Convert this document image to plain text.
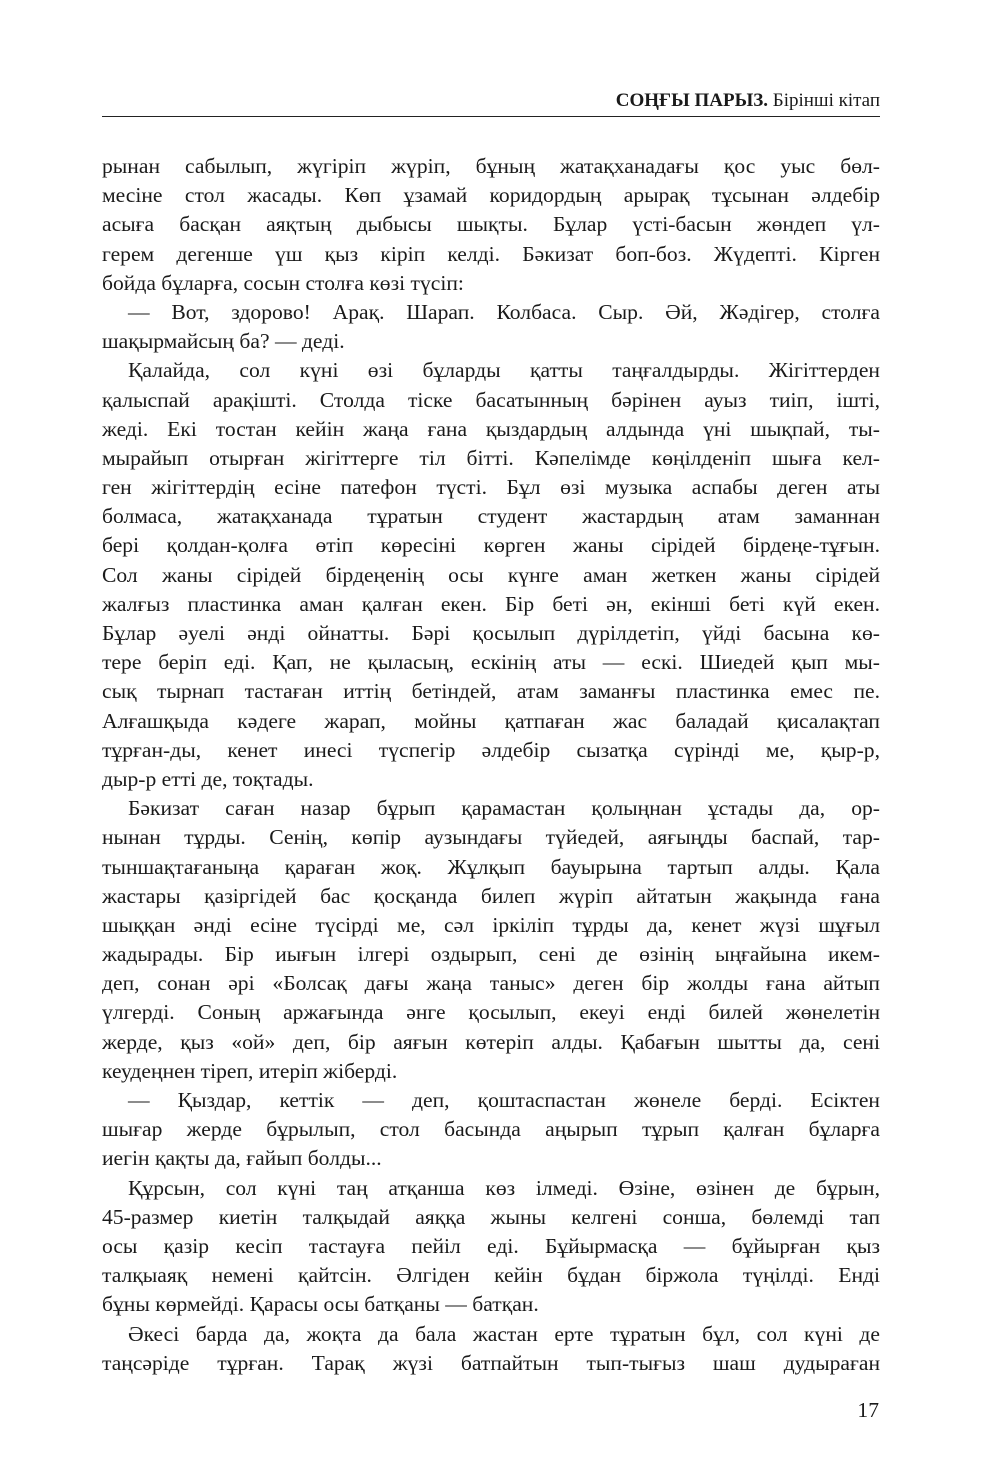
СОҢҒЫ ПАРЫЗ. Бірінші кітап
рынан сабылып, жүгіріп жүріп, бұның жатақханадағы қос уыс бөл-
месіне стол жасады. Көп ұзамай коридордың арырақ тұсынан әлдебір
асыға басқан аяқтың дыбысы шықты. Бұлар үсті-басын жөндеп үл-
герем дегенше үш қыз кіріп келді. Бәкизат боп-боз. Жүдепті. Кірген
бойда бұларға, сосын столға көзі түсіп:
— Вот, здорово! Арақ. Шарап. Колбаса. Сыр. Әй, Жәдігер, столға
шақырмайсың ба? — деді.
Қалайда, сол күні өзі бұларды қатты таңғалдырды. Жігіттерден
қалыспай арақішті. Столда тіске басатынның бәрінен ауыз тиіп, ішті,
жеді. Екі тостан кейін жаңа ғана қыздардың алдында үні шықпай, ты-
мырайып отырған жігіттерге тіл бітті. Кәпелімде көңілденіп шыға кел-
ген жігіттердің есіне патефон түсті. Бұл өзі музыка аспабы деген аты
болмаса, жатақханада тұратын студент жастардың атам заманнан
бері қолдан-қолға өтіп көресіні көрген жаны сірідей бірдеңе-тұғын.
Сол жаны сірідей бірдеңенің осы күнге аман жеткен жаны сірідей
жалғыз пластинка аман қалған екен. Бір беті ән, екінші беті күй екен.
Бұлар әуелі әнді ойнатты. Бәрі қосылып дүрілдетіп, үйді басына кө-
тере беріп еді. Қап, не қыласың, ескінің аты — ескі. Шиедей қып мы-
сық тырнап тастаған иттің бетіндей, атам заманғы пластинка емес пе.
Алғашқыда кәдеге жарап, мойны қатпаған жас баладай қисалақтап
тұрған-ды, кенет инесі түспегір әлдебір сызатқа сүрінді ме, қыр-р,
дыр-р етті де, тоқтады.
Бәкизат саған назар бұрып қарамастан қолыңнан ұстады да, ор-
нынан тұрды. Сенің, көпір аузындағы түйедей, аяғыңды баспай, тар-
тыншақтағаныңа қараған жоқ. Жұлқып бауырына тартып алды. Қала
жастары қазіргідей бас қосқанда билеп жүріп айтатын жақында ғана
шыққан әнді есіне түсірді ме, сәл іркіліп тұрды да, кенет жүзі шұғыл
жадырады. Бір иығын ілгері оздырып, сені де өзінің ыңғайына икем-
деп, сонан әрі «Болсақ дағы жаңа таныс» деген бір жолды ғана айтып
үлгерді. Соның аржағында әнге қосылып, екеуі енді билей жөнелетін
жерде, қыз «ой» деп, бір аяғын көтеріп алды. Қабағын шытты да, сені
кеудеңнен тіреп, итеріп жіберді.
— Қыздар, кеттік — деп, қоштаспастан жөнеле берді. Есіктен
шығар жерде бұрылып, стол басында аңырып тұрып қалған бұларға
иегін қақты да, ғайып болды...
Құрсын, сол күні таң атқанша көз ілмеді. Өзіне, өзінен де бұрын,
45-размер киетін талқыдай аяққа жыны келгені сонша, бөлемді тап
осы қазір кесіп тастауға пейіл еді. Бұйырмасқа — бұйырған қыз
талқыаяқ немені қайтсін. Әлгіден кейін бұдан біржола түңілді. Енді
бұны көрмейді. Қарасы осы батқаны — батқан.
Әкесі барда да, жоқта да бала жастан ерте тұратын бұл, сол күні де
таңсәріде тұрған. Тарақ жүзі батпайтын тып-тығыз шаш дудыраған
17
